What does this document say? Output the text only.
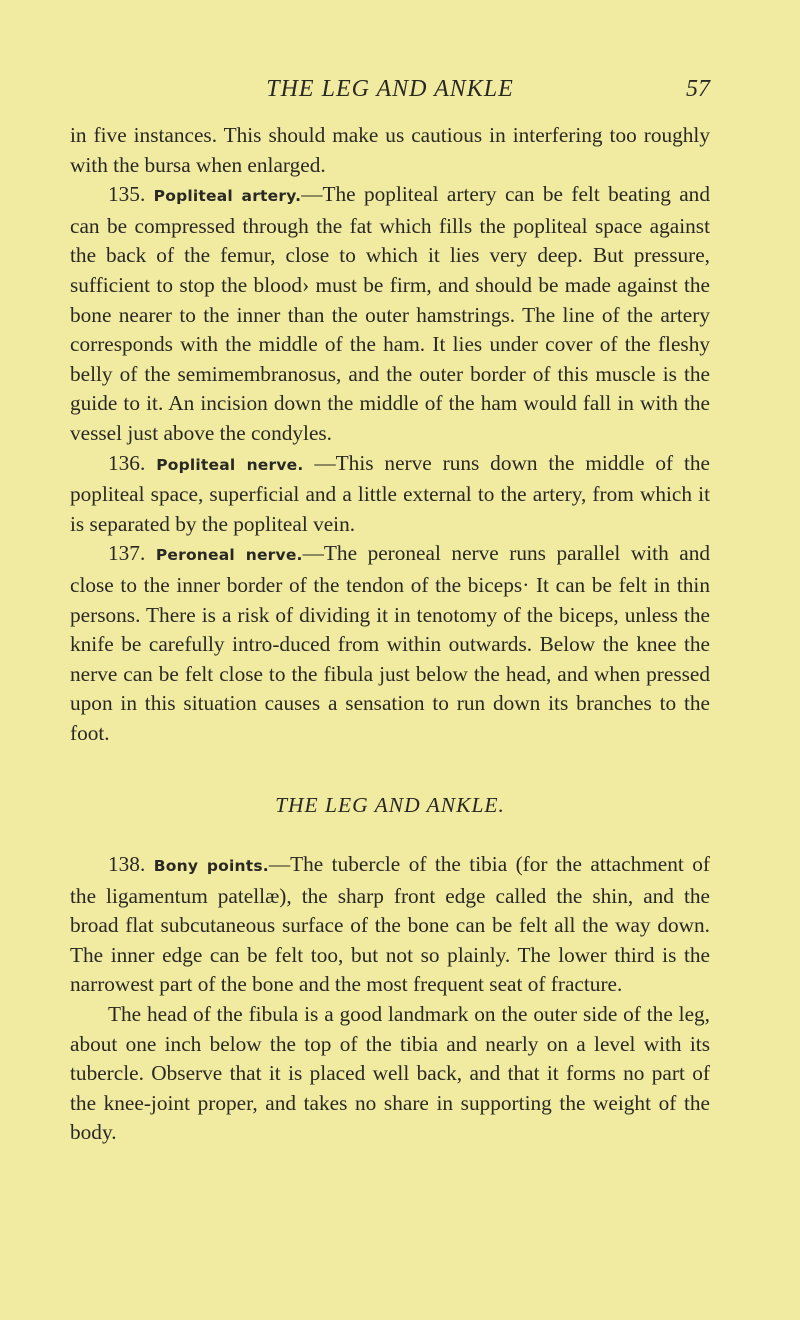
THE LEG AND ANKLE	57

in five instances. This should make us cautious in interfering too roughly with the bursa when enlarged.

135. Popliteal artery.—The popliteal artery can be felt beating and can be compressed through the fat which fills the popliteal space against the back of the femur, close to which it lies very deep. But pressure, sufficient to stop the blood› must be firm, and should be made against the bone nearer to the inner than the outer hamstrings. The line of the artery corresponds with the middle of the ham. It lies under cover of the fleshy belly of the semimembranosus, and the outer border of this muscle is the guide to it. An incision down the middle of the ham would fall in with the vessel just above the condyles.

136. Popliteal nerve. —This nerve runs down the middle of the popliteal space, superficial and a little external to the artery, from which it is separated by the popliteal vein.

137. Peroneal nerve.—The peroneal nerve runs parallel with and close to the inner border of the tendon of the biceps· It can be felt in thin persons. There is a risk of dividing it in tenotomy of the biceps, unless the knife be carefully intro-duced from within outwards. Below the knee the nerve can be felt close to the fibula just below the head, and when pressed upon in this situation causes a sensation to run down its branches to the foot.

THE LEG AND ANKLE.

138. Bony points.—The tubercle of the tibia (for the attachment of the ligamentum patellæ), the sharp front edge called the shin, and the broad flat subcutaneous surface of the bone can be felt all the way down. The inner edge can be felt too, but not so plainly. The lower third is the narrowest part of the bone and the most frequent seat of fracture.

The head of the fibula is a good landmark on the outer side of the leg, about one inch below the top of the tibia and nearly on a level with its tubercle. Observe that it is placed well back, and that it forms no part of the knee-joint proper, and takes no share in supporting the weight of the body.
